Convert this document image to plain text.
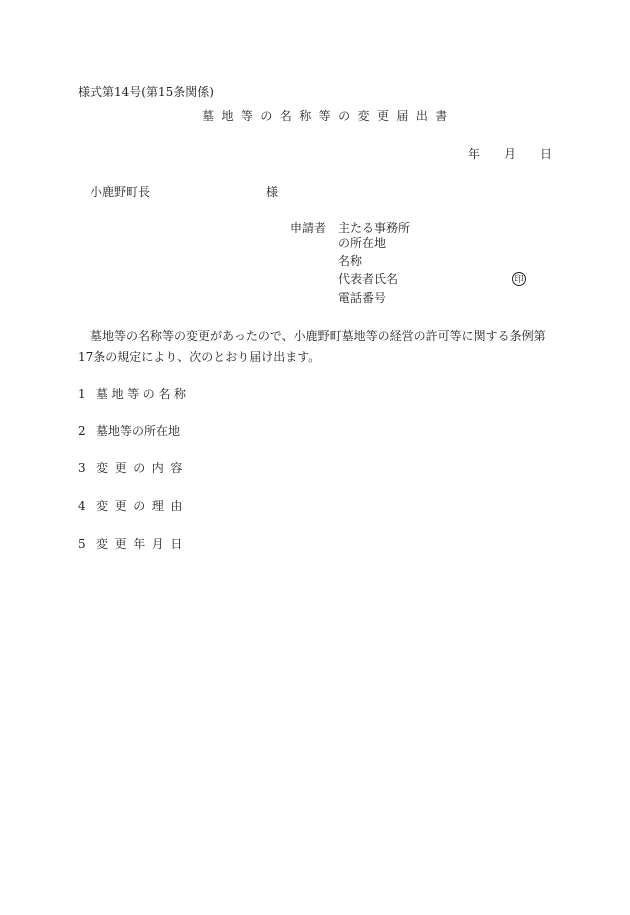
様式第14号(第15条関係)
墓地等の名称等の変更届出書
年 月 日
小鹿野町長	様
申請者 主たる事務所
の所在地
名称
代表者氏名	印
電話番号
墓地等の名称等の変更があったので、小鹿野町墓地等の経営の許可等に関する条例第17条の規定により、次のとおり届け出ます。
1 墓地等の名称
2 墓地等の所在地
3 変更の内容
4 変更の理由
5 変更年月日
